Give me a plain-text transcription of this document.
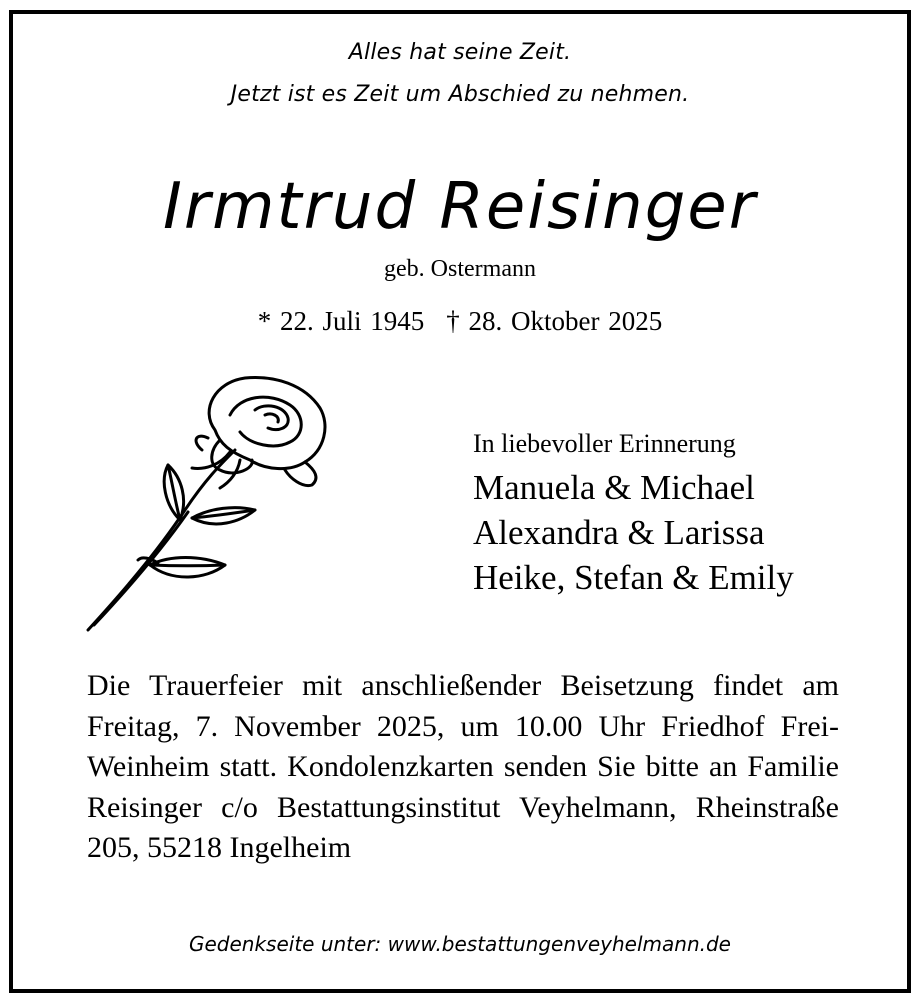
Alles hat seine Zeit.
Jetzt ist es Zeit um Abschied zu nehmen.
Irmtrud Reisinger
geb. Ostermann
* 22. Juli 1945 † 28. Oktober 2025
In liebevoller Erinnerung
Manuela & Michael
Alexandra & Larissa
Heike, Stefan & Emily
Die Trauerfeier mit anschließender Beisetzung findet am Freitag, 7. November 2025, um 10.00 Uhr Friedhof Frei-Weinheim statt. Kondolenzkarten senden Sie bitte an Familie Reisinger c/o Bestattungsinstitut Veyhelmann, Rheinstraße 205, 55218 Ingelheim
Gedenkseite unter: www.bestattungenveyhelmann.de
